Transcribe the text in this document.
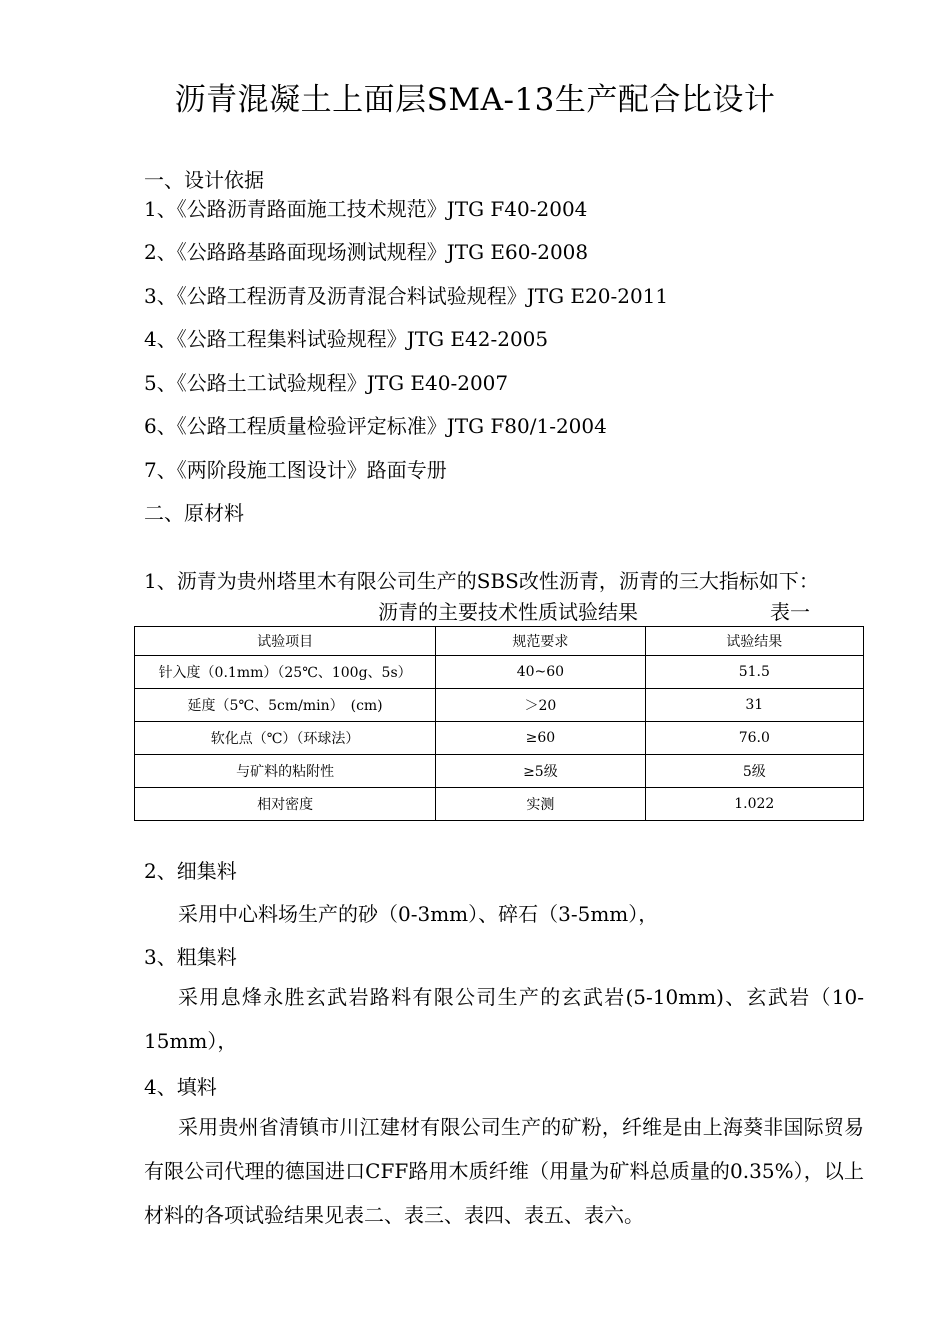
沥青混凝土上面层SMA-13生产配合比设计
一、设计依据
1、《公路沥青路面施工技术规范》JTG F40-2004
2、《公路路基路面现场测试规程》JTG E60-2008
3、《公路工程沥青及沥青混合料试验规程》JTG E20-2011
4、《公路工程集料试验规程》JTG E42-2005
5、《公路土工试验规程》JTG E40-2007
6、《公路工程质量检验评定标准》JTG F80/1-2004
7、《两阶段施工图设计》路面专册
二、原材料
1、沥青为贵州塔里木有限公司生产的SBS改性沥青，沥青的三大指标如下：
沥青的主要技术性质试验结果	表一
试验项目	规范要求	试验结果
针入度（0.1mm）（25℃、100g、5s）	40~60	51.5
延度（5℃、5cm/min）　(cm)	＞20	31
软化点（℃）（环球法）	≥60	76.0
与矿料的粘附性	≥5级	5级
相对密度	实测	1.022
2、细集料
采用中心料场生产的砂（0-3mm）、碎石（3-5mm），
3、粗集料
采用息烽永胜玄武岩路料有限公司生产的玄武岩(5-10mm)、玄武岩（10-15mm），
4、填料
采用贵州省清镇市川江建材有限公司生产的矿粉，纤维是由上海葵非国际贸易有限公司代理的德国进口CFF路用木质纤维（用量为矿料总质量的0.35%），以上材料的各项试验结果见表二、表三、表四、表五、表六。
